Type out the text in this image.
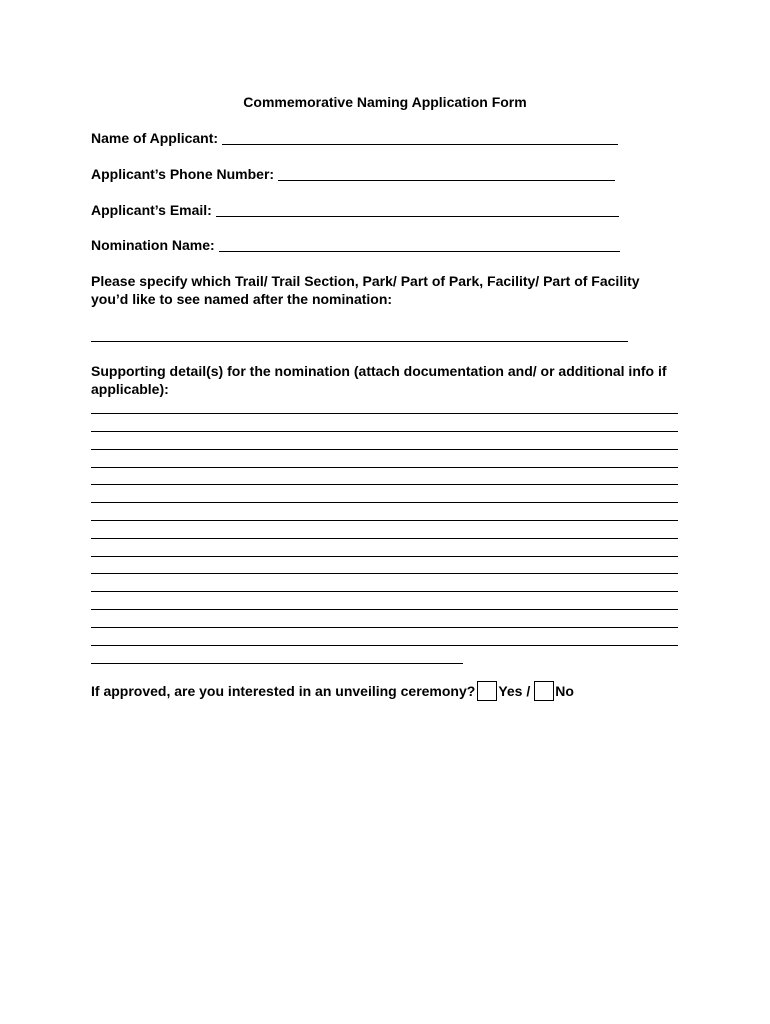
Commemorative Naming Application Form
Name of Applicant:
Applicant’s Phone Number:
Applicant’s Email:
Nomination Name:
Please specify which Trail/ Trail Section, Park/ Part of Park, Facility/ Part of Facility you’d like to see named after the nomination:
Supporting detail(s) for the nomination (attach documentation and/ or additional info if applicable):
If approved, are you interested in an unveiling ceremony? Yes / No
